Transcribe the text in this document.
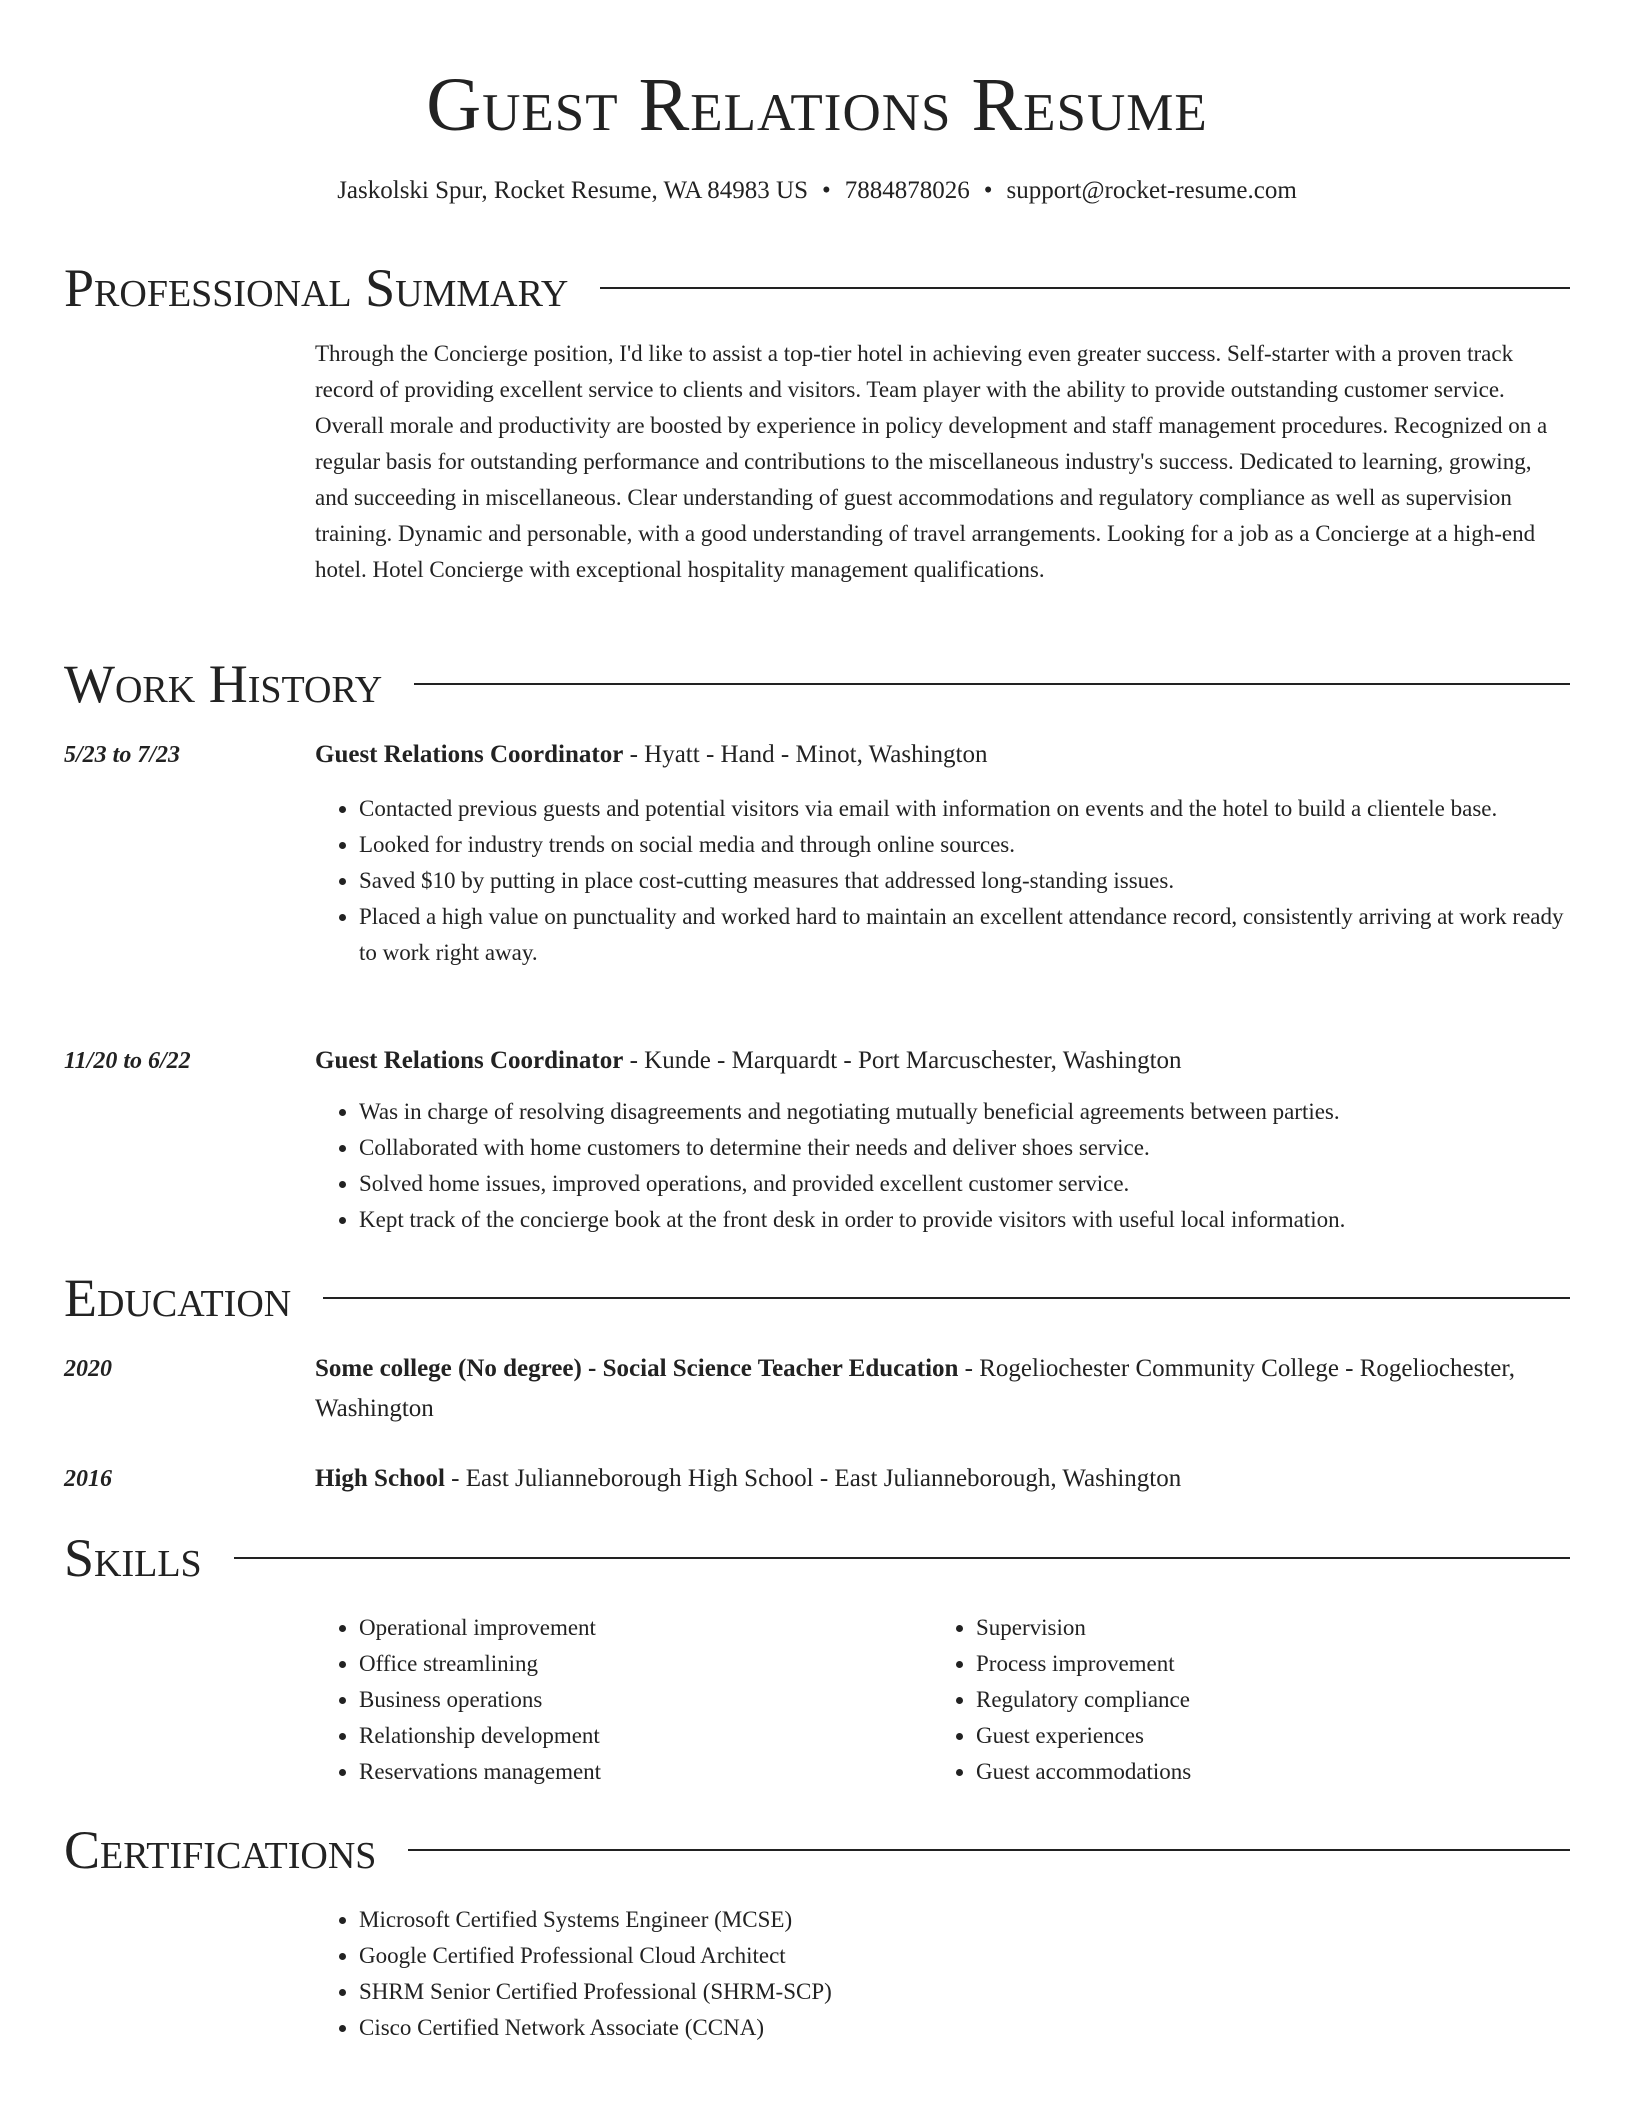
Guest Relations Resume
Jaskolski Spur, Rocket Resume, WA 84983 US • 7884878026 • support@rocket-resume.com
Professional Summary

Through the Concierge position, I'd like to assist a top-tier hotel in achieving even greater success. Self-starter with a proven track record of providing excellent service to clients and visitors. Team player with the ability to provide outstanding customer service. Overall morale and productivity are boosted by experience in policy development and staff management procedures. Recognized on a regular basis for outstanding performance and contributions to the miscellaneous industry's success. Dedicated to learning, growing, and succeeding in miscellaneous. Clear understanding of guest accommodations and regulatory compliance as well as supervision training. Dynamic and personable, with a good understanding of travel arrangements. Looking for a job as a Concierge at a high-end hotel. Hotel Concierge with exceptional hospitality management qualifications.

Work History
5/23 to 7/23	Guest Relations Coordinator - Hyatt - Hand - Minot, Washington
• Contacted previous guests and potential visitors via email with information on events and the hotel to build a clientele base.
• Looked for industry trends on social media and through online sources.
• Saved $10 by putting in place cost-cutting measures that addressed long-standing issues.
• Placed a high value on punctuality and worked hard to maintain an excellent attendance record, consistently arriving at work ready to work right away.
11/20 to 6/22	Guest Relations Coordinator - Kunde - Marquardt - Port Marcuschester, Washington
• Was in charge of resolving disagreements and negotiating mutually beneficial agreements between parties.
• Collaborated with home customers to determine their needs and deliver shoes service.
• Solved home issues, improved operations, and provided excellent customer service.
• Kept track of the concierge book at the front desk in order to provide visitors with useful local information.
Education
2020	Some college (No degree) - Social Science Teacher Education - Rogeliochester Community College - Rogeliochester, Washington
2016	High School - East Julianneborough High School - East Julianneborough, Washington
Skills
• Operational improvement
• Office streamlining
• Business operations
• Relationship development
• Reservations management
• Supervision
• Process improvement
• Regulatory compliance
• Guest experiences
• Guest accommodations
Certifications
• Microsoft Certified Systems Engineer (MCSE)
• Google Certified Professional Cloud Architect
• SHRM Senior Certified Professional (SHRM-SCP)
• Cisco Certified Network Associate (CCNA)
